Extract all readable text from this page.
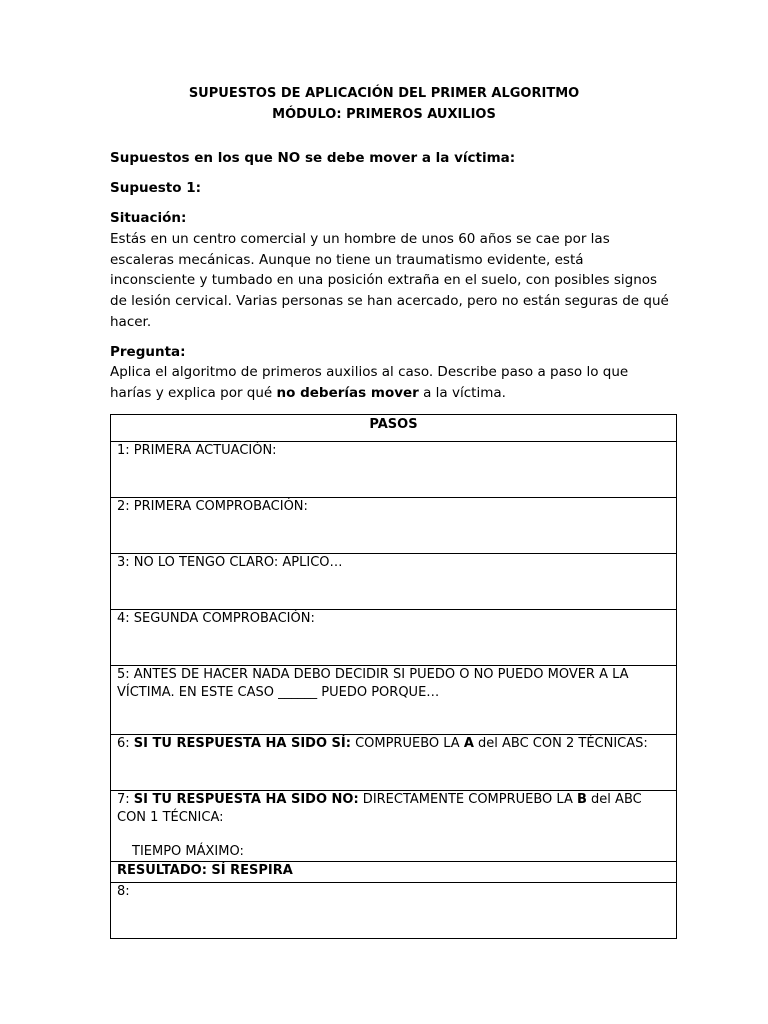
SUPUESTOS DE APLICACIÓN DEL PRIMER ALGORITMO
MÓDULO: PRIMEROS AUXILIOS
Supuestos en los que NO se debe mover a la víctima:
Supuesto 1:
Situación:
Estás en un centro comercial y un hombre de unos 60 años se cae por las escaleras mecánicas. Aunque no tiene un traumatismo evidente, está inconsciente y tumbado en una posición extraña en el suelo, con posibles signos de lesión cervical. Varias personas se han acercado, pero no están seguras de qué hacer.
Pregunta:
Aplica el algoritmo de primeros auxilios al caso. Describe paso a paso lo que harías y explica por qué no deberías mover a la víctima.
PASOS
1: PRIMERA ACTUACIÓN:
2: PRIMERA COMPROBACIÓN:
3: NO LO TENGO CLARO: APLICO…
4: SEGUNDA COMPROBACIÓN:
5: ANTES DE HACER NADA DEBO DECIDIR SI PUEDO O NO PUEDO MOVER A LA VÍCTIMA. EN ESTE CASO ______ PUEDO PORQUE…
6: SI TU RESPUESTA HA SIDO SÍ: COMPRUEBO LA A del ABC CON 2 TÉCNICAS:
7: SI TU RESPUESTA HA SIDO NO: DIRECTAMENTE COMPRUEBO LA B del ABC CON 1 TÉCNICA:
TIEMPO MÁXIMO:

RESULTADO: SÍ RESPIRA
8:
